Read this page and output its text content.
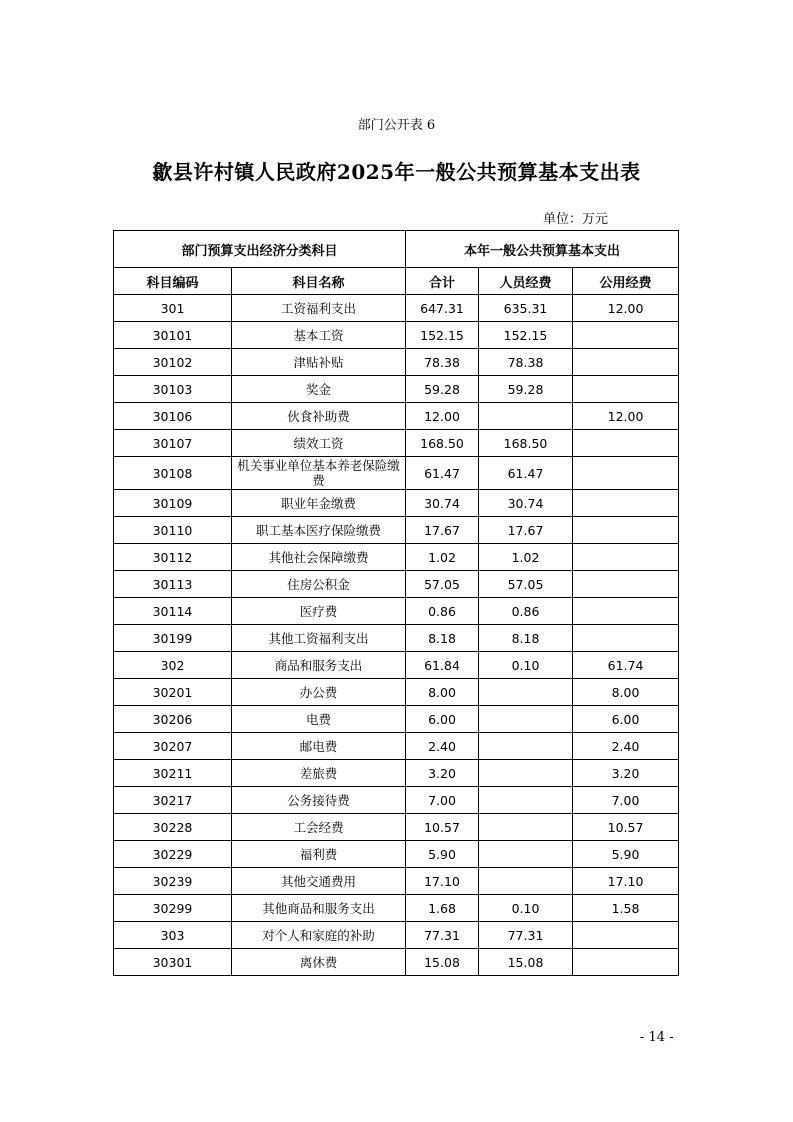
部门公开表 6
歙县许村镇人民政府2025年一般公共预算基本支出表
单位：万元
部门预算支出经济分类科目		本年一般公共预算基本支出		
科目编码	科目名称	合计	人员经费	公用经费
301	工资福利支出	647.31	635.31	12.00
30101	基本工资	152.15	152.15	
30102	津贴补贴	78.38	78.38	
30103	奖金	59.28	59.28	
30106	伙食补助费	12.00		12.00
30107	绩效工资	168.50	168.50	
30108	机关事业单位基本养老保险缴费	61.47	61.47	
30109	职业年金缴费	30.74	30.74	
30110	职工基本医疗保险缴费	17.67	17.67	
30112	其他社会保障缴费	1.02	1.02	
30113	住房公积金	57.05	57.05	
30114	医疗费	0.86	0.86	
30199	其他工资福利支出	8.18	8.18	
302	商品和服务支出	61.84	0.10	61.74
30201	办公费	8.00		8.00
30206	电费	6.00		6.00
30207	邮电费	2.40		2.40
30211	差旅费	3.20		3.20
30217	公务接待费	7.00		7.00
30228	工会经费	10.57		10.57
30229	福利费	5.90		5.90
30239	其他交通费用	17.10		17.10
30299	其他商品和服务支出	1.68	0.10	1.58
303	对个人和家庭的补助	77.31	77.31	
30301	离休费	15.08	15.08	
- 14 -
